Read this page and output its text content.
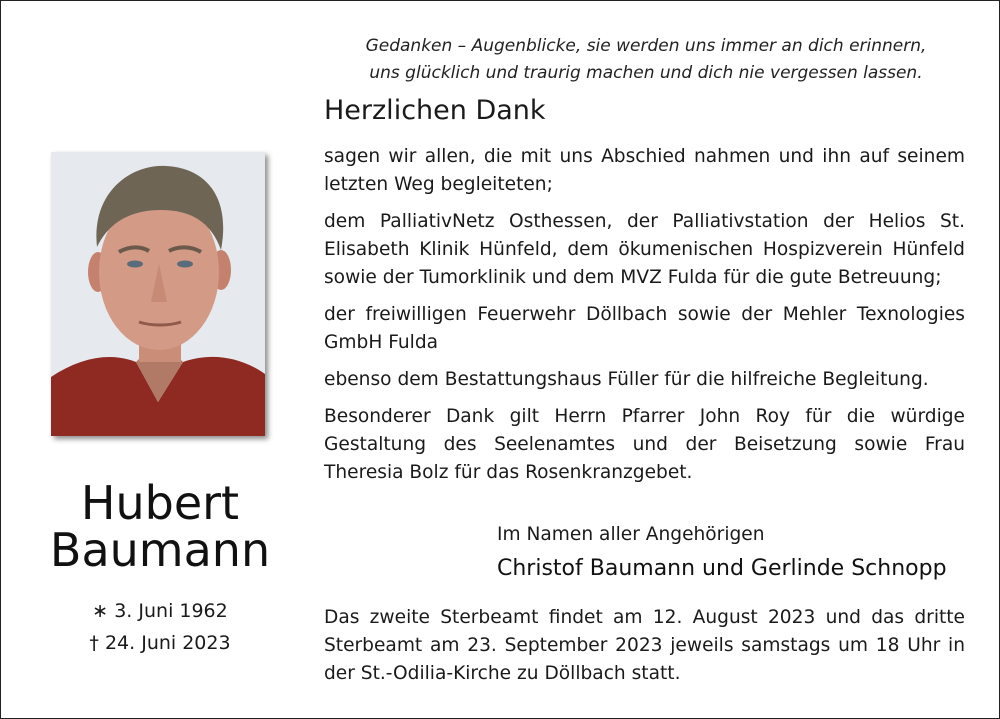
Gedanken – Augenblicke, sie werden uns immer an dich erinnern,
uns glücklich und traurig machen und dich nie vergessen lassen.
Herzlichen Dank

sagen wir allen, die mit uns Abschied nahmen und ihn auf seinem letzten Weg begleiteten;

dem PalliativNetz Osthessen, der Palliativstation der Helios St. Elisabeth Klinik Hünfeld, dem ökumenischen Hospizverein Hünfeld sowie der Tumorklinik und dem MVZ Fulda für die gute Betreuung;

der freiwilligen Feuerwehr Döllbach sowie der Mehler Texnologies GmbH Fulda

ebenso dem Bestattungshaus Füller für die hilfreiche Begleitung.

Besonderer Dank gilt Herrn Pfarrer John Roy für die würdige Gestaltung des Seelenamtes und der Beisetzung sowie Frau Theresia Bolz für das Rosenkranzgebet.

Hubert
Baumann
∗ 3. Juni 1962
† 24. Juni 2023
Im Namen aller Angehörigen
Christof Baumann und Gerlinde Schnopp

Das zweite Sterbeamt findet am 12. August 2023 und das dritte Sterbeamt am 23. September 2023 jeweils samstags um 18 Uhr in der St.-Odilia-Kirche zu Döllbach statt.
